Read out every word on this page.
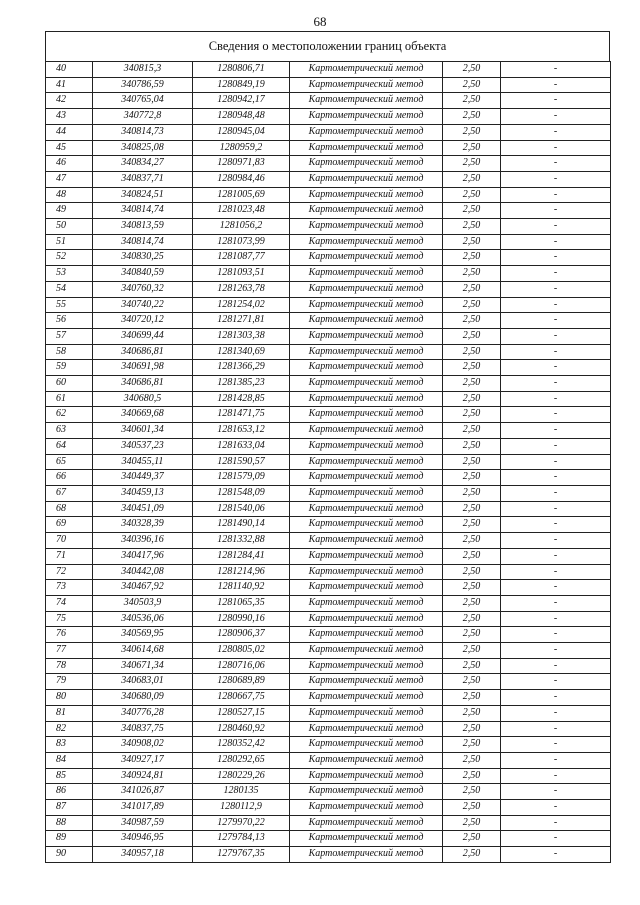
68
Сведения о местоположении границ объекта
40	340815,3	1280806,71	Картометрический метод	2,50	-
41	340786,59	1280849,19	Картометрический метод	2,50	-
42	340765,04	1280942,17	Картометрический метод	2,50	-
43	340772,8	1280948,48	Картометрический метод	2,50	-
44	340814,73	1280945,04	Картометрический метод	2,50	-
45	340825,08	1280959,2	Картометрический метод	2,50	-
46	340834,27	1280971,83	Картометрический метод	2,50	-
47	340837,71	1280984,46	Картометрический метод	2,50	-
48	340824,51	1281005,69	Картометрический метод	2,50	-
49	340814,74	1281023,48	Картометрический метод	2,50	-
50	340813,59	1281056,2	Картометрический метод	2,50	-
51	340814,74	1281073,99	Картометрический метод	2,50	-
52	340830,25	1281087,77	Картометрический метод	2,50	-
53	340840,59	1281093,51	Картометрический метод	2,50	-
54	340760,32	1281263,78	Картометрический метод	2,50	-
55	340740,22	1281254,02	Картометрический метод	2,50	-
56	340720,12	1281271,81	Картометрический метод	2,50	-
57	340699,44	1281303,38	Картометрический метод	2,50	-
58	340686,81	1281340,69	Картометрический метод	2,50	-
59	340691,98	1281366,29	Картометрический метод	2,50	-
60	340686,81	1281385,23	Картометрический метод	2,50	-
61	340680,5	1281428,85	Картометрический метод	2,50	-
62	340669,68	1281471,75	Картометрический метод	2,50	-
63	340601,34	1281653,12	Картометрический метод	2,50	-
64	340537,23	1281633,04	Картометрический метод	2,50	-
65	340455,11	1281590,57	Картометрический метод	2,50	-
66	340449,37	1281579,09	Картометрический метод	2,50	-
67	340459,13	1281548,09	Картометрический метод	2,50	-
68	340451,09	1281540,06	Картометрический метод	2,50	-
69	340328,39	1281490,14	Картометрический метод	2,50	-
70	340396,16	1281332,88	Картометрический метод	2,50	-
71	340417,96	1281284,41	Картометрический метод	2,50	-
72	340442,08	1281214,96	Картометрический метод	2,50	-
73	340467,92	1281140,92	Картометрический метод	2,50	-
74	340503,9	1281065,35	Картометрический метод	2,50	-
75	340536,06	1280990,16	Картометрический метод	2,50	-
76	340569,95	1280906,37	Картометрический метод	2,50	-
77	340614,68	1280805,02	Картометрический метод	2,50	-
78	340671,34	1280716,06	Картометрический метод	2,50	-
79	340683,01	1280689,89	Картометрический метод	2,50	-
80	340680,09	1280667,75	Картометрический метод	2,50	-
81	340776,28	1280527,15	Картометрический метод	2,50	-
82	340837,75	1280460,92	Картометрический метод	2,50	-
83	340908,02	1280352,42	Картометрический метод	2,50	-
84	340927,17	1280292,65	Картометрический метод	2,50	-
85	340924,81	1280229,26	Картометрический метод	2,50	-
86	341026,87	1280135	Картометрический метод	2,50	-
87	341017,89	1280112,9	Картометрический метод	2,50	-
88	340987,59	1279970,22	Картометрический метод	2,50	-
89	340946,95	1279784,13	Картометрический метод	2,50	-
90	340957,18	1279767,35	Картометрический метод	2,50	-
